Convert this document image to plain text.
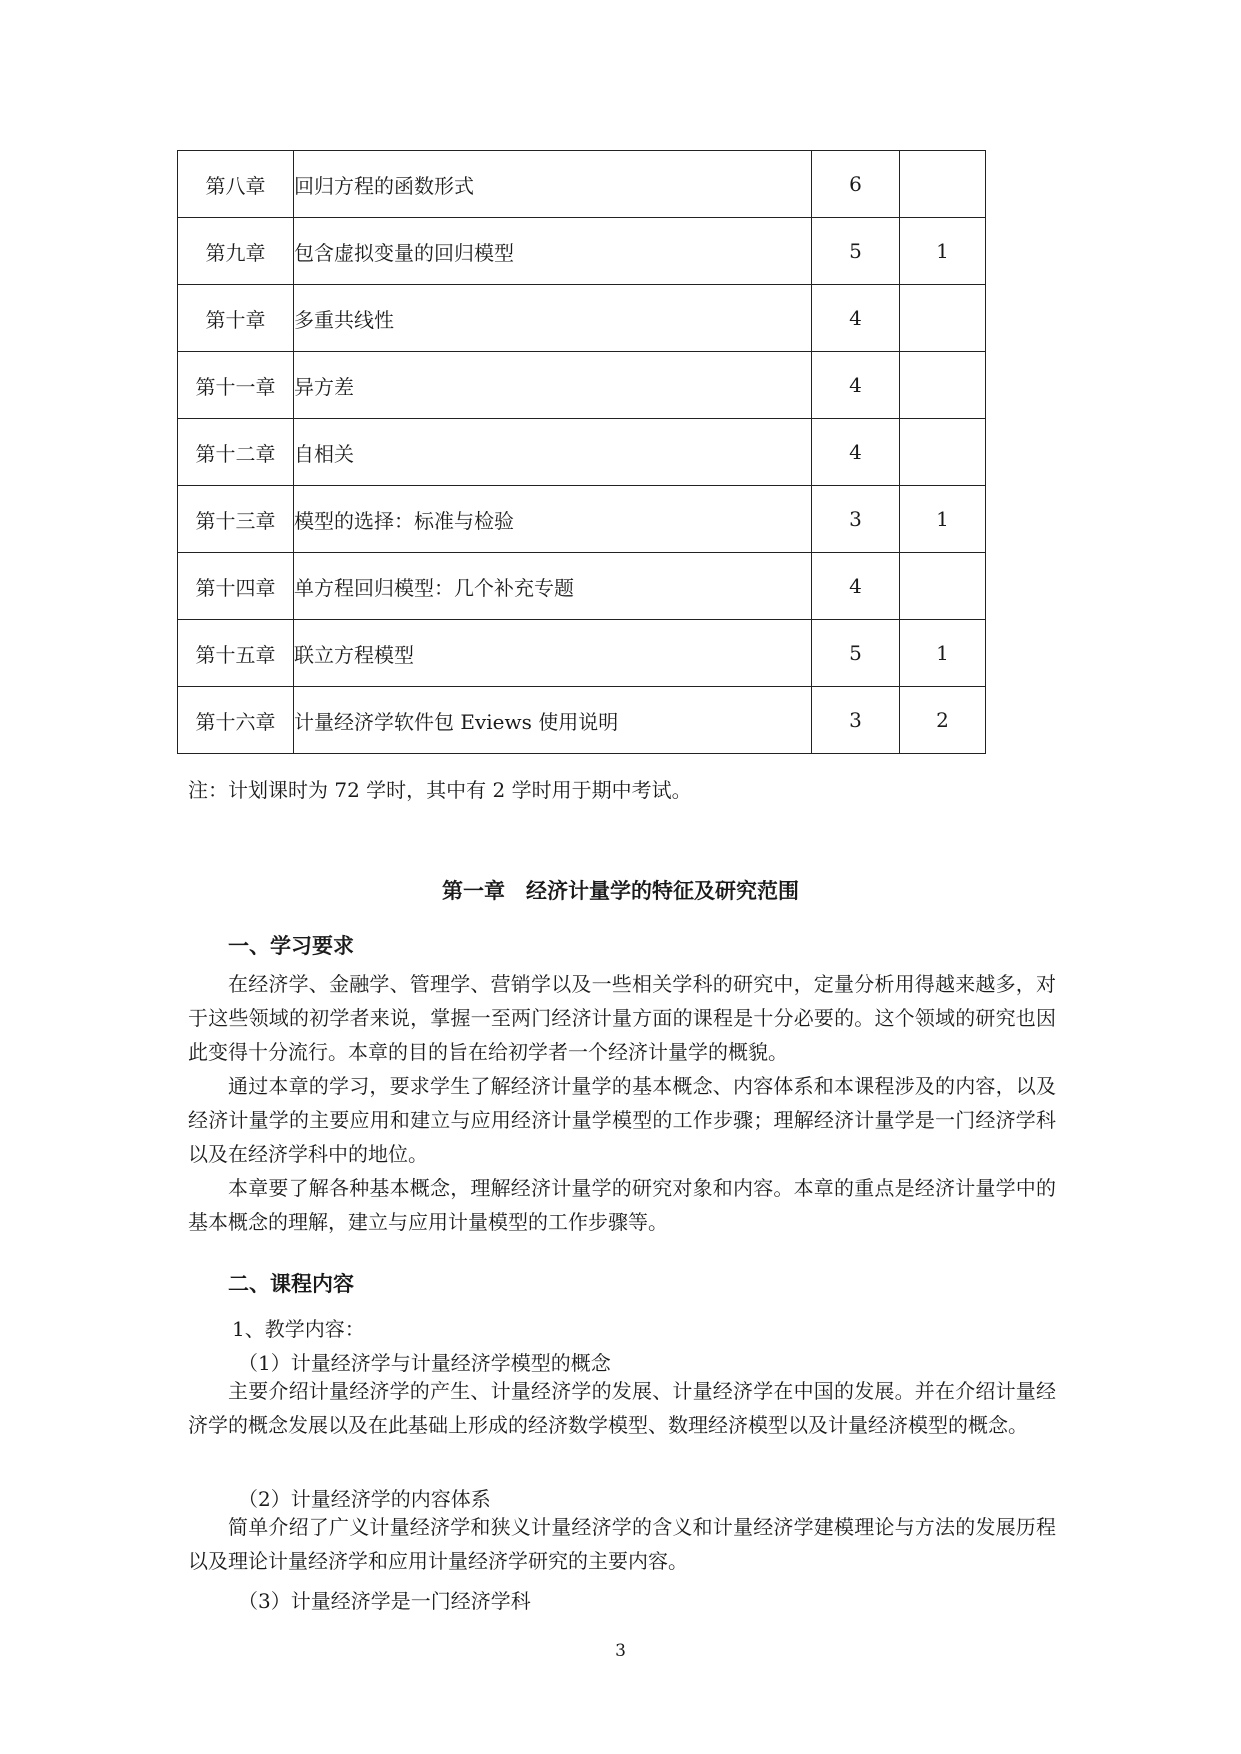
第八章	回归方程的函数形式	6	
第九章	包含虚拟变量的回归模型	5	1
第十章	多重共线性	4	
第十一章	异方差	4	
第十二章	自相关	4	
第十三章	模型的选择：标准与检验	3	1
第十四章	单方程回归模型：几个补充专题	4	
第十五章	联立方程模型	5	1
第十六章	计量经济学软件包 Eviews 使用说明	3	2
注：计划课时为 72 学时，其中有 2 学时用于期中考试。
第一章　经济计量学的特征及研究范围
一、学习要求

在经济学、金融学、管理学、营销学以及一些相关学科的研究中，定量分析用得越来越多，对于这些领域的初学者来说，掌握一至两门经济计量方面的课程是十分必要的。这个领域的研究也因此变得十分流行。本章的目的旨在给初学者一个经济计量学的概貌。

通过本章的学习，要求学生了解经济计量学的基本概念、内容体系和本课程涉及的内容，以及经济计量学的主要应用和建立与应用经济计量学模型的工作步骤；理解经济计量学是一门经济学科以及在经济学科中的地位。

本章要了解各种基本概念，理解经济计量学的研究对象和内容。本章的重点是经济计量学中的基本概念的理解，建立与应用计量模型的工作步骤等。

二、课程内容
1、教学内容：
（1）计量经济学与计量经济学模型的概念

主要介绍计量经济学的产生、计量经济学的发展、计量经济学在中国的发展。并在介绍计量经济学的概念发展以及在此基础上形成的经济数学模型、数理经济模型以及计量经济模型的概念。

（2）计量经济学的内容体系

简单介绍了广义计量经济学和狭义计量经济学的含义和计量经济学建模理论与方法的发展历程以及理论计量经济学和应用计量经济学研究的主要内容。

（3）计量经济学是一门经济学科
3
